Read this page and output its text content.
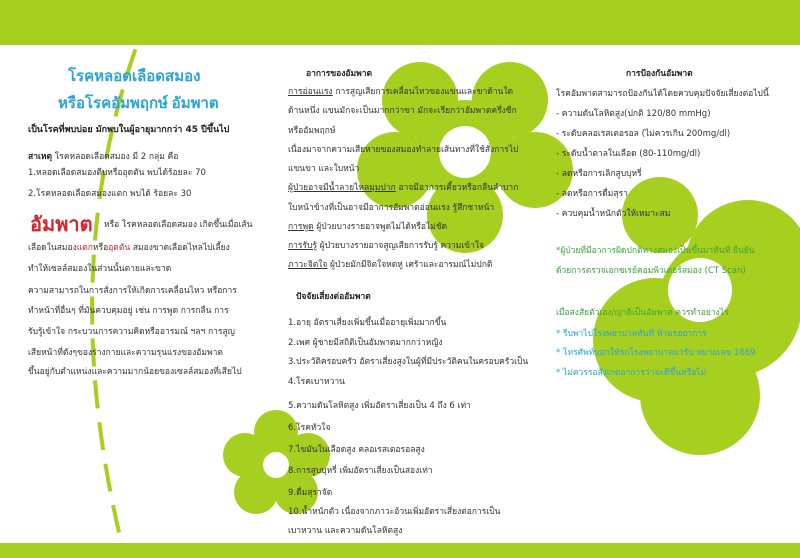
โรคหลอดเลือดสมอง
หรือโรคอัมพฤกษ์ อัมพาต
เป็นโรคที่พบบ่อย มักพบในผู้อายุมากกว่า 45 ปีขึ้นไป
สาเหตุ โรคหลอดเลือดสมอง มี 2 กลุ่ม คือ
1.หลอดเลือดสมองตีบหรืออุดตัน พบได้ร้อยละ 70
2.โรคหลอดเลือดสมองแตก พบได้ ร้อยละ 30
อัมพาต หรือ โรคหลอดเลือดสมอง เกิดขึ้นเมื่อเส้น
เลือดในสมองแตกหรืออุดตัน สมองขาดเลือดไหลไปเลี้ยง
ทำให้เซลล์สมองในส่วนนั้นตายและขาด
ความสามารถในการสั่งการให้เกิดการเคลื่อนไหว หรือการ
ทำหน้าที่อื่นๆ ที่มันควบคุมอยู่ เช่น การพูด การกลืน การ
รับรู้เข้าใจ กระบวนการความคิดหรืออารมณ์ ฯลฯ การสูญ
เสียหน้าที่ดังๆของร่างกายและความรุนแรงของอัมพาต
ขึ้นอยู่กับตำแหน่งและความมากน้อยของเซลล์สมองที่เสียไป
อาการของอัมพาต
การอ่อนแรง การสูญเสียการเคลื่อนไหวของแขนและขาด้านใด
ด้านหนึ่ง แขนมักจะเป็นมากกว่าขา มักจะเรียกว่าอัมพาตครึ่งซีก
หรืออัมพฤกษ์
เนื่องมาจากความเสียหายของสมองทำลายเส้นทางที่ใช้สั่งการไป
แขนขา และใบหน้า
ผู้ป่วยอาจมีน้ำลายไหลมุมปาก อาจมีอาการเคี้ยวหรือกลืนลำบาก
ใบหน้าข้างที่เป็นอาจมีอาการอัมพาตอ่อนแรง รู้สึกชาหน้า
การพูด ผู้ป่วยบางรายอาจพูดไม่ได้หรือไม่ชัด
การรับรู้ ผู้ป่วยบางรายอาจสูญเสียการรับรู้ ความเข้าใจ
ภาวะจิตใจ ผู้ป่วยมักมีจิตใจหดหู่ เศร้าและอารมณ์ไม่ปกติ
ปัจจัยเสี่ยงต่ออัมพาต
1.อายุ อัตราเสี่ยงเพิ่มขึ้นเมื่ออายุเพิ่มมากขึ้น
2.เพศ ผู้ชายมีสถิติเป็นอัมพาตมากกว่าหญิง
3.ประวัติครอบครัว อัตราเสี่ยงสูงในผู้ที่มีประวัติคนในครอบครัวเป็น
4.โรคเบาหวาน
5.ความดันโลหิตสูง เพิ่มอัตราเสี่ยงเป็น 4 ถึง 6 เท่า
6.โรคหัวใจ
7.ไขมันในเลือดสูง คลอเรสเตอรอลสูง
8.การสูบบุหรี่ เพิ่มอัตราเสี่ยงเป็นสองเท่า
9.ดื่มสุราจัด
10.น้ำหนักตัว เนื่องจากภาวะอ้วนเพิ่มอัตราเสี่ยงต่อการเป็น
เบาหวาน และความดันโลหิตสูง
การป้องกันอัมพาต
โรคอัมพาตสามารถป้องกันได้โดยควบคุมปัจจัยเสี่ยงต่อไปนี้
- ความดันโลหิตสูง(ปกติ 120/80 mmHg)
- ระดับคลอเรสเตอรอล (ไม่ควรเกิน 200mg/dl)
- ระดับน้ำตาลในเลือด (80-110mg/dl)
- ลดหรือการเลิกสูบบุหรี่
- ลดหรือการดื่มสุรา
- ควบคุมน้ำหนักตัวให้เหมาะสม
*ผู้ป่วยที่มีอาการผิดปกติทางสมองเป็นขึ้นมาทันที ยืนยัน
ด้วยการตรวจเอกซเรย์คอมพิวเตอร์สมอง (CT Scan)
เมื่อสงสัยตัวเอง/ญาติเป็นอัมพาต ควรทำอย่างไร
* รีบพาไปโรงพยาบาลทันที ห้ามรออาการ
* โทรศัพท์บอกให้รถโรงพยาบาลมารับ หมายเลข 1669
* ไม่ควรรอสังเกตอาการว่าจะดีขึ้นหรือไม่
